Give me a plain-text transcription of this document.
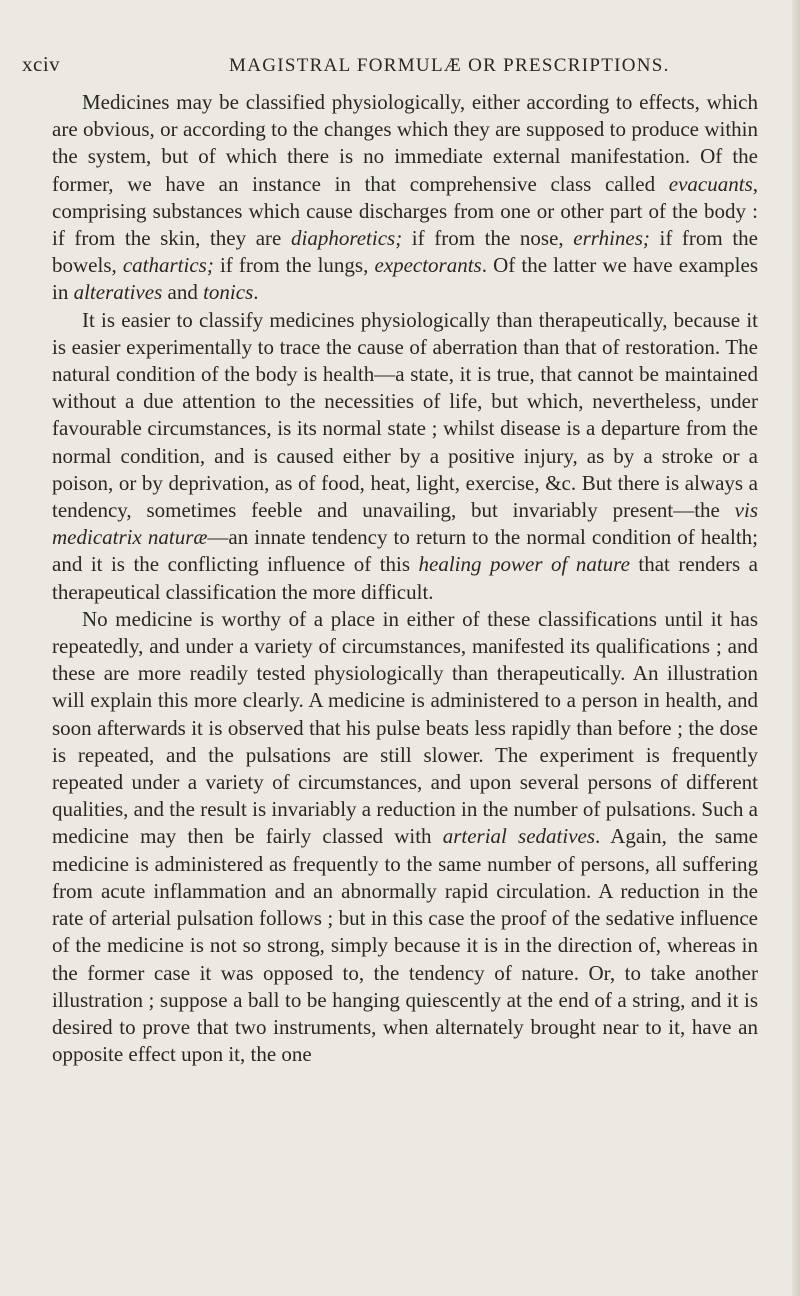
xciv	MAGISTRAL FORMULÆ OR PRESCRIPTIONS.

Medicines may be classified physiologically, either according to effects, which are obvious, or according to the changes which they are supposed to produce within the system, but of which there is no immediate external manifestation. Of the former, we have an instance in that comprehensive class called evacuants, comprising substances which cause discharges from one or other part of the body : if from the skin, they are diaphoretics; if from the nose, errhines; if from the bowels, cathartics; if from the lungs, expectorants. Of the latter we have examples in alteratives and tonics.

It is easier to classify medicines physiologically than therapeutically, because it is easier experimentally to trace the cause of aberration than that of restoration. The natural condition of the body is health—a state, it is true, that cannot be maintained without a due attention to the necessities of life, but which, nevertheless, under favourable circumstances, is its normal state ; whilst disease is a departure from the normal condition, and is caused either by a positive injury, as by a stroke or a poison, or by deprivation, as of food, heat, light, exercise, &c. But there is always a tendency, sometimes feeble and unavailing, but invariably present—the vis medicatrix naturæ—an innate tendency to return to the normal condition of health; and it is the conflicting influence of this healing power of nature that renders a therapeutical classification the more difficult.

No medicine is worthy of a place in either of these classifications until it has repeatedly, and under a variety of circumstances, manifested its qualifications ; and these are more readily tested physiologically than therapeutically. An illustration will explain this more clearly. A medicine is administered to a person in health, and soon afterwards it is observed that his pulse beats less rapidly than before ; the dose is repeated, and the pulsations are still slower. The experiment is frequently repeated under a variety of circumstances, and upon several persons of different qualities, and the result is invariably a reduction in the number of pulsations. Such a medicine may then be fairly classed with arterial sedatives. Again, the same medicine is administered as frequently to the same number of persons, all suffering from acute inflammation and an abnormally rapid circulation. A reduction in the rate of arterial pulsation follows ; but in this case the proof of the sedative influence of the medicine is not so strong, simply because it is in the direction of, whereas in the former case it was opposed to, the tendency of nature. Or, to take another illustration ; suppose a ball to be hanging quiescently at the end of a string, and it is desired to prove that two instruments, when alternately brought near to it, have an opposite effect upon it, the one
